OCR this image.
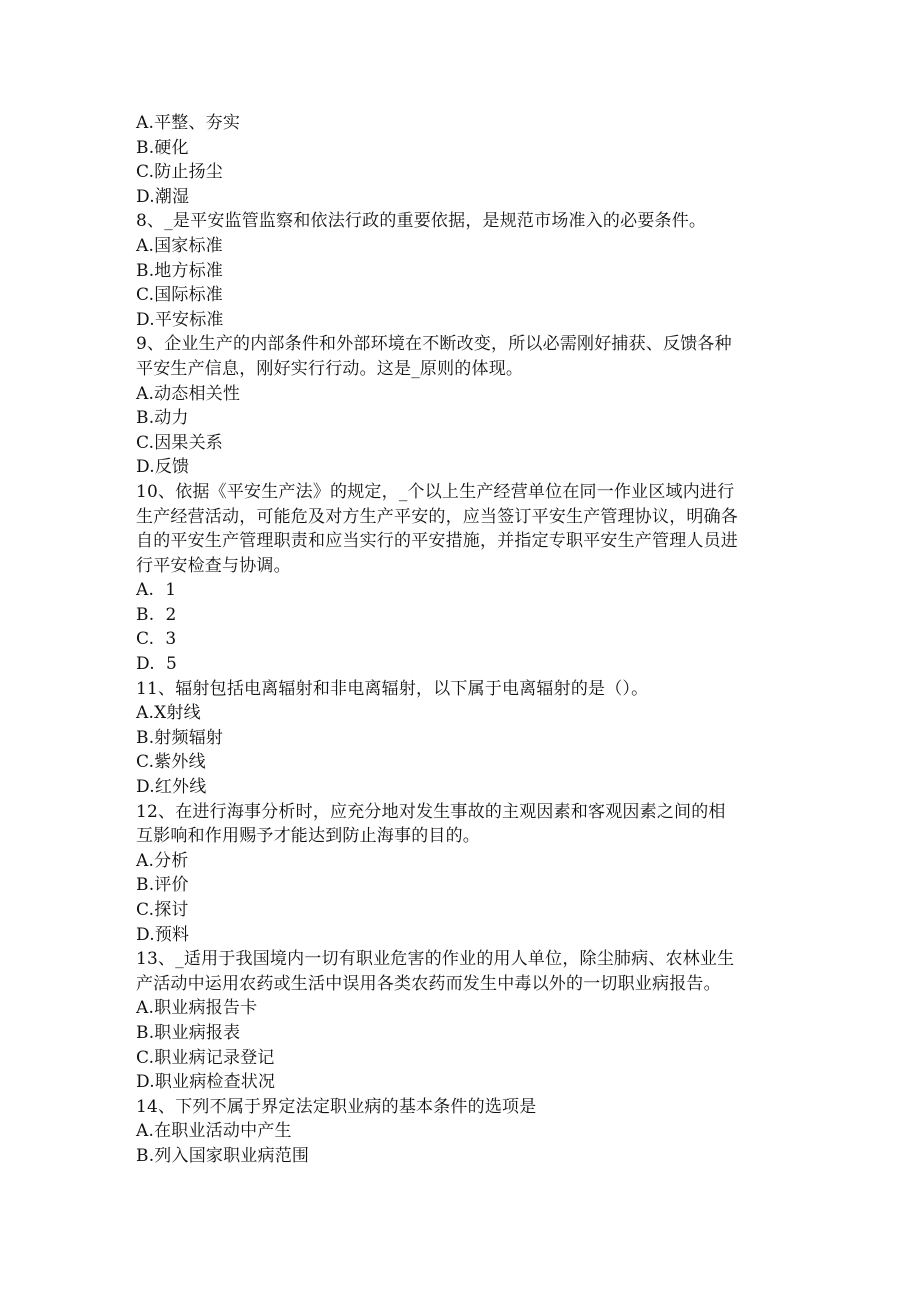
A.平整、夯实
B.硬化
C.防止扬尘
D.潮湿
8、_是平安监管监察和依法行政的重要依据，是规范市场准入的必要条件。
A.国家标准
B.地方标准
C.国际标准
D.平安标准
9、企业生产的内部条件和外部环境在不断改变，所以必需刚好捕获、反馈各种
平安生产信息，刚好实行行动。这是_原则的体现。
A.动态相关性
B.动力
C.因果关系
D.反馈
10、依据《平安生产法》的规定，_个以上生产经营单位在同一作业区域内进行
生产经营活动，可能危及对方生产平安的，应当签订平安生产管理协议，明确各
自的平安生产管理职责和应当实行的平安措施，并指定专职平安生产管理人员进
行平安检查与协调。
A.  1
B.  2
C.  3
D.  5
11、辐射包括电离辐射和非电离辐射，以下属于电离辐射的是（）。
A.X射线
B.射频辐射
C.紫外线
D.红外线
12、在进行海事分析时，应充分地对发生事故的主观因素和客观因素之间的相
互影响和作用赐予才能达到防止海事的目的。
A.分析
B.评价
C.探讨
D.预料
13、_适用于我国境内一切有职业危害的作业的用人单位，除尘肺病、农林业生
产活动中运用农药或生活中误用各类农药而发生中毒以外的一切职业病报告。
A.职业病报告卡
B.职业病报表
C.职业病记录登记
D.职业病检查状况
14、下列不属于界定法定职业病的基本条件的选项是
A.在职业活动中产生
B.列入国家职业病范围
